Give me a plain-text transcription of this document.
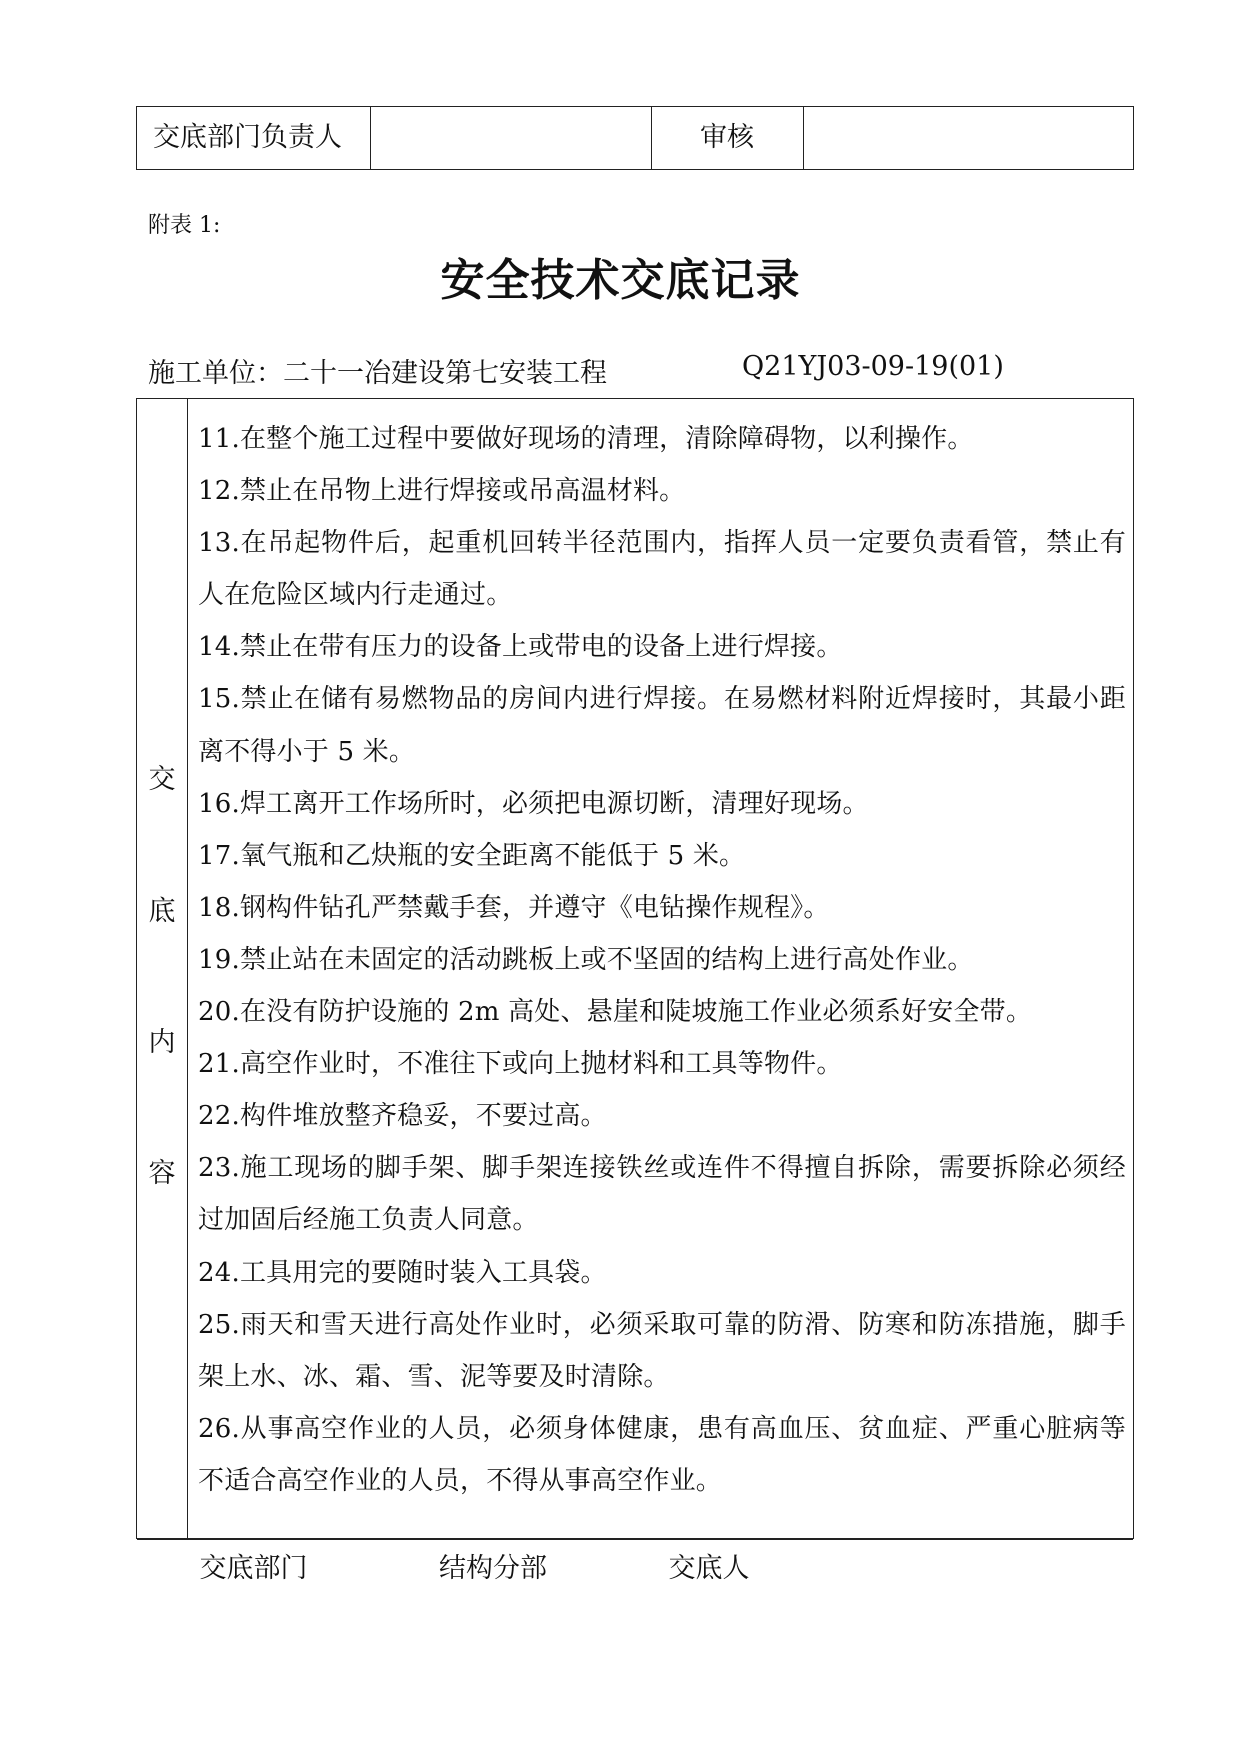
交底部门负责人	审核
附表 1:
安全技术交底记录
施工单位：二十一冶建设第七安装工程	Q21YJ03-09-19(01)
交
底
内
容

11.在整个施工过程中要做好现场的清理，清除障碍物，以利操作。

12.禁止在吊物上进行焊接或吊高温材料。

13.在吊起物件后，起重机回转半径范围内，指挥人员一定要负责看管，禁止有人在危险区域内行走通过。

14.禁止在带有压力的设备上或带电的设备上进行焊接。

15.禁止在储有易燃物品的房间内进行焊接。在易燃材料附近焊接时，其最小距离不得小于 5 米。

16.焊工离开工作场所时，必须把电源切断，清理好现场。

17.氧气瓶和乙炔瓶的安全距离不能低于 5 米。

18.钢构件钻孔严禁戴手套，并遵守《电钻操作规程》。

19.禁止站在未固定的活动跳板上或不坚固的结构上进行高处作业。

20.在没有防护设施的 2m 高处、悬崖和陡坡施工作业必须系好安全带。

21.高空作业时，不准往下或向上抛材料和工具等物件。

22.构件堆放整齐稳妥，不要过高。

23.施工现场的脚手架、脚手架连接铁丝或连件不得擅自拆除，需要拆除必须经过加固后经施工负责人同意。

24.工具用完的要随时装入工具袋。

25.雨天和雪天进行高处作业时，必须采取可靠的防滑、防寒和防冻措施，脚手架上水、冰、霜、雪、泥等要及时清除。

26.从事高空作业的人员，必须身体健康，患有高血压、贫血症、严重心脏病等不适合高空作业的人员，不得从事高空作业。

交底部门	结构分部	交底人
